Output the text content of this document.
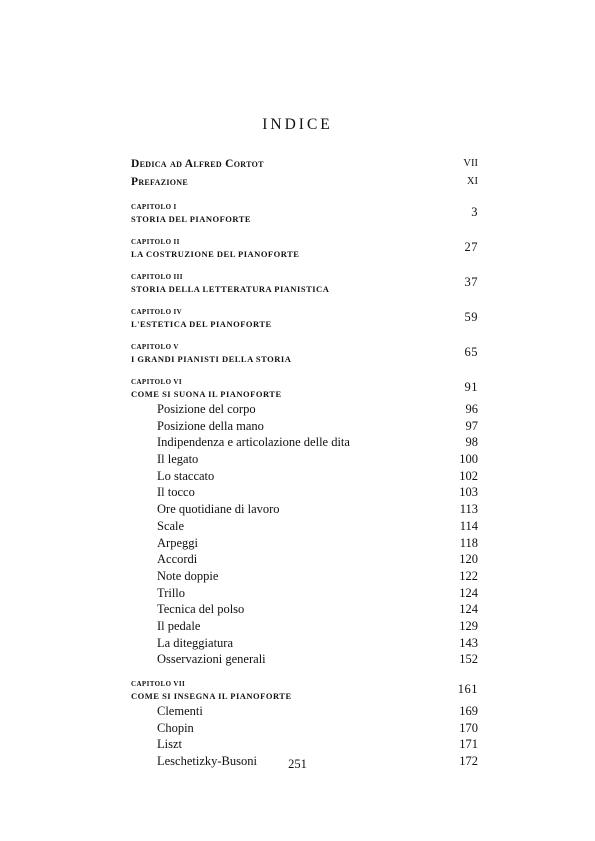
INDICE
Dedica ad Alfred Cortot	VII
Prefazione	XI
CAPITOLO I
STORIA DEL PIANOFORTE	3
CAPITOLO II
LA COSTRUZIONE DEL PIANOFORTE	27
CAPITOLO III
STORIA DELLA LETTERATURA PIANISTICA	37
CAPITOLO IV
L'ESTETICA DEL PIANOFORTE	59
CAPITOLO V
I GRANDI PIANISTI DELLA STORIA	65
CAPITOLO VI
COME SI SUONA IL PIANOFORTE	91
Posizione del corpo	96
Posizione della mano	97
Indipendenza e articolazione delle dita	98
Il legato	100
Lo staccato	102
Il tocco	103
Ore quotidiane di lavoro	113
Scale	114
Arpeggi	118
Accordi	120
Note doppie	122
Trillo	124
Tecnica del polso	124
Il pedale	129
La diteggiatura	143
Osservazioni generali	152
CAPITOLO VII
COME SI INSEGNA IL PIANOFORTE	161
Clementi	169
Chopin	170
Liszt	171
Leschetizky-Busoni	172
251
